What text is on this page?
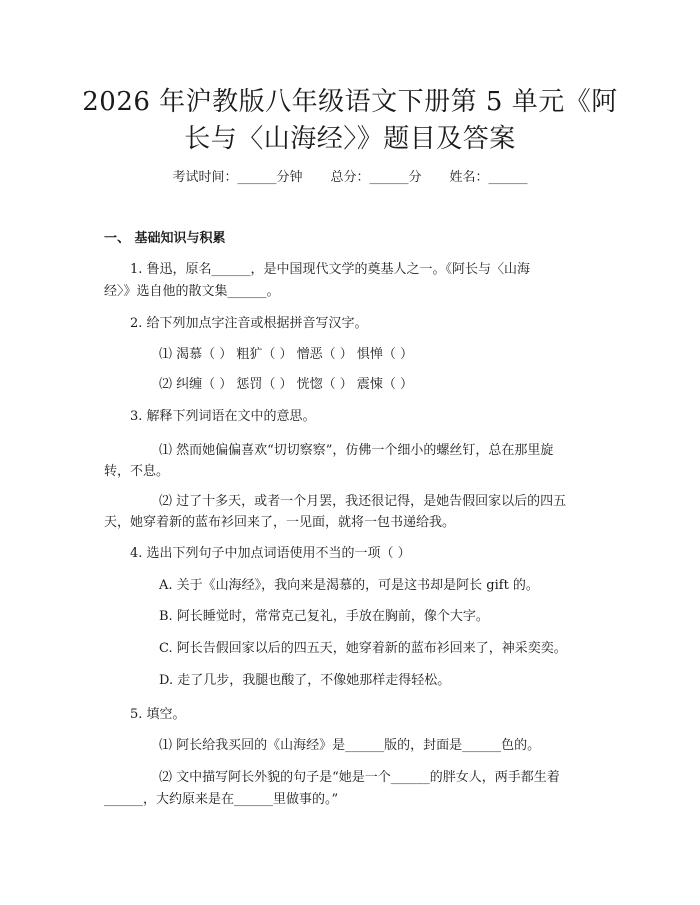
2026 年沪教版八年级语文下册第 5 单元《阿
长与〈山海经〉》题目及答案
考试时间：______分钟 总分：______分 姓名：______
一、 基础知识与积累
1. 鲁迅，原名______，是中国现代文学的奠基人之一。《阿长与〈山海
经〉》选自他的散文集______。
2. 给下列加点字注音或根据拼音写汉字。
⑴ 渴慕（ ） 粗犷（ ） 憎恶（ ） 惧惮（ ）
⑵ 纠缠（ ） 惩罚（ ） 恍惚（ ） 震悚（ ）
3. 解释下列词语在文中的意思。
⑴ 然而她偏偏喜欢“切切察察”，仿佛一个细小的螺丝钉，总在那里旋
转，不息。
⑵ 过了十多天，或者一个月罢，我还很记得，是她告假回家以后的四五
天，她穿着新的蓝布衫回来了，一见面，就将一包书递给我。
4. 选出下列句子中加点词语使用不当的一项（ ）
A. 关于《山海经》，我向来是渴慕的，可是这书却是阿长 gift 的。
B. 阿长睡觉时，常常克己复礼，手放在胸前，像个大字。
C. 阿长告假回家以后的四五天，她穿着新的蓝布衫回来了，神采奕奕。
D. 走了几步，我腿也酸了，不像她那样走得轻松。
5. 填空。
⑴ 阿长给我买回的《山海经》是______版的，封面是______色的。
⑵ 文中描写阿长外貌的句子是“她是一个______的胖女人，两手都生着
______，大约原来是在______里做事的。”
